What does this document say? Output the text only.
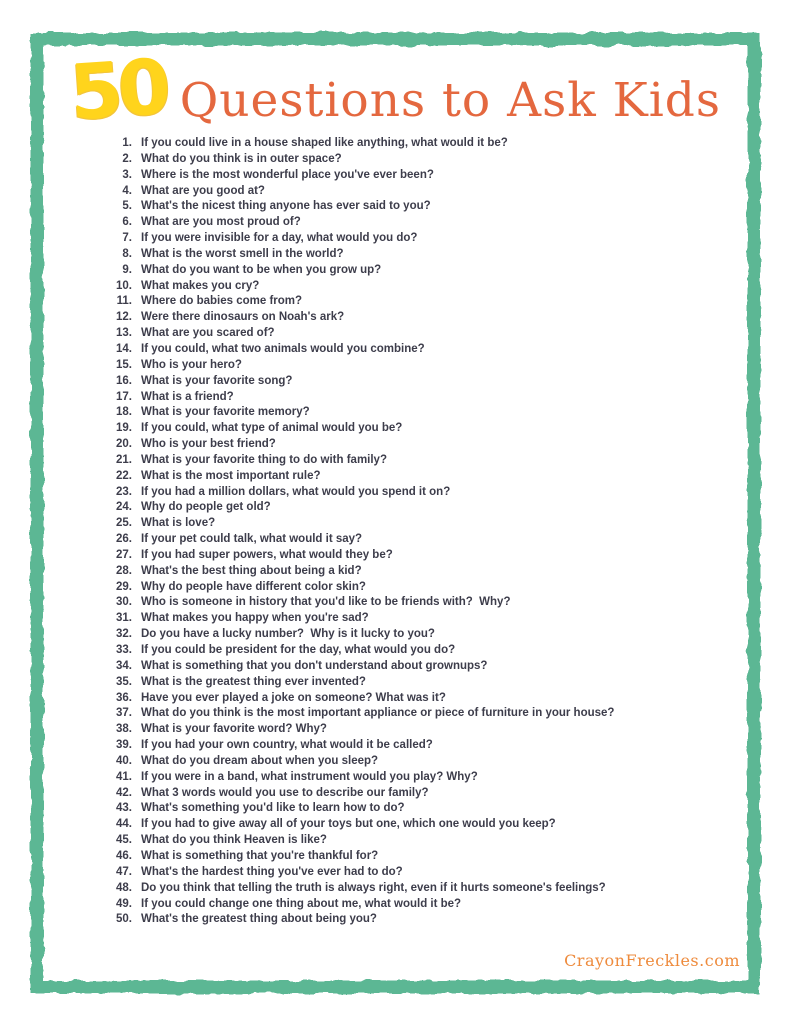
50 Questions to Ask Kids
1. If you could live in a house shaped like anything, what would it be?
2. What do you think is in outer space?
3. Where is the most wonderful place you've ever been?
4. What are you good at?
5. What's the nicest thing anyone has ever said to you?
6. What are you most proud of?
7. If you were invisible for a day, what would you do?
8. What is the worst smell in the world?
9. What do you want to be when you grow up?
10. What makes you cry?
11. Where do babies come from?
12. Were there dinosaurs on Noah's ark?
13. What are you scared of?
14. If you could, what two animals would you combine?
15. Who is your hero?
16. What is your favorite song?
17. What is a friend?
18. What is your favorite memory?
19. If you could, what type of animal would you be?
20. Who is your best friend?
21. What is your favorite thing to do with family?
22. What is the most important rule?
23. If you had a million dollars, what would you spend it on?
24. Why do people get old?
25. What is love?
26. If your pet could talk, what would it say?
27. If you had super powers, what would they be?
28. What's the best thing about being a kid?
29. Why do people have different color skin?
30. Who is someone in history that you'd like to be friends with?  Why?
31. What makes you happy when you're sad?
32. Do you have a lucky number?  Why is it lucky to you?
33. If you could be president for the day, what would you do?
34. What is something that you don't understand about grownups?
35. What is the greatest thing ever invented?
36. Have you ever played a joke on someone? What was it?
37. What do you think is the most important appliance or piece of furniture in your house?
38. What is your favorite word? Why?
39. If you had your own country, what would it be called?
40. What do you dream about when you sleep?
41. If you were in a band, what instrument would you play? Why?
42. What 3 words would you use to describe our family?
43. What's something you'd like to learn how to do?
44. If you had to give away all of your toys but one, which one would you keep?
45. What do you think Heaven is like?
46. What is something that you're thankful for?
47. What's the hardest thing you've ever had to do?
48. Do you think that telling the truth is always right, even if it hurts someone's feelings?
49. If you could change one thing about me, what would it be?
50. What's the greatest thing about being you?
CrayonFreckles.com
